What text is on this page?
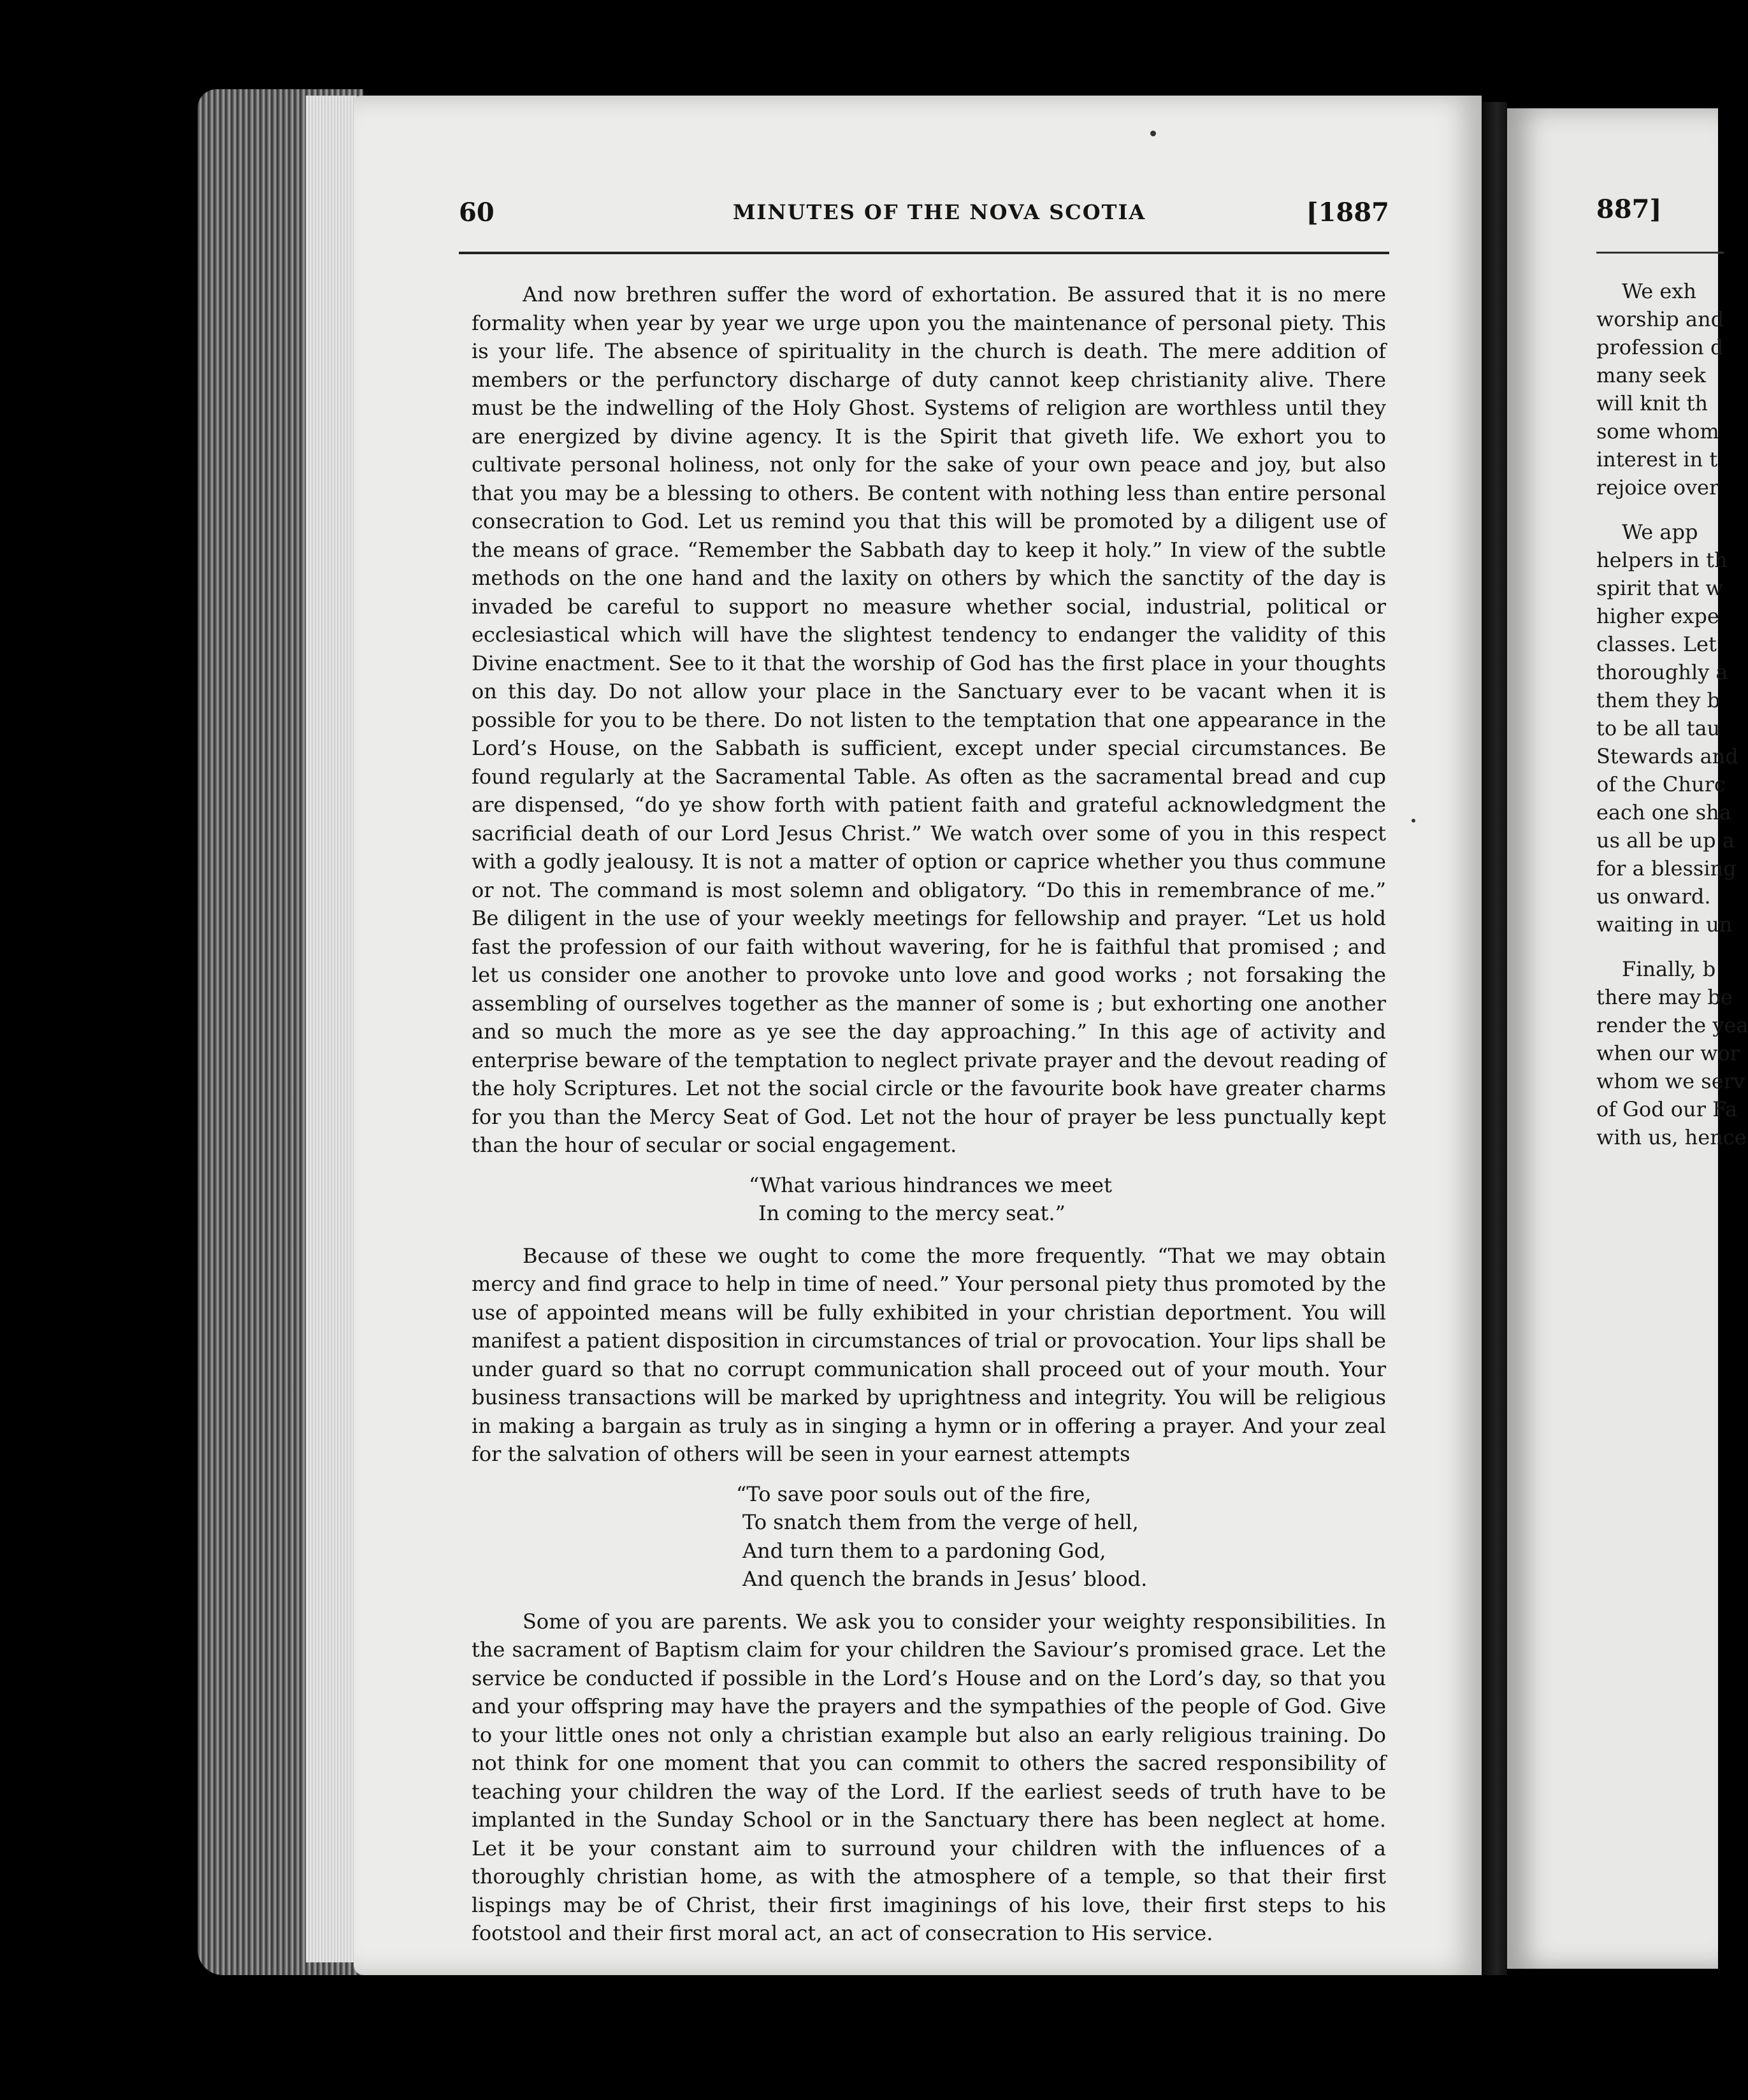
60	MINUTES OF THE NOVA SCOTIA	[1887

And now brethren suffer the word of exhortation. Be assured that it is no mere formality when year by year we urge upon you the maintenance of personal piety. This is your life. The absence of spirituality in the church is death. The mere addition of members or the perfunctory discharge of duty cannot keep christianity alive. There must be the indwelling of the Holy Ghost. Systems of religion are worthless until they are energized by divine agency. It is the Spirit that giveth life. We exhort you to cultivate personal holiness, not only for the sake of your own peace and joy, but also that you may be a blessing to others. Be content with nothing less than entire personal consecration to God. Let us remind you that this will be promoted by a diligent use of the means of grace. “Remember the Sabbath day to keep it holy.” In view of the subtle methods on the one hand and the laxity on others by which the sanctity of the day is invaded be careful to support no measure whether social, industrial, political or ecclesiastical which will have the slightest tendency to endanger the validity of this Divine enactment. See to it that the worship of God has the first place in your thoughts on this day. Do not allow your place in the Sanctuary ever to be vacant when it is possible for you to be there. Do not listen to the temptation that one appearance in the Lord’s House, on the Sabbath is sufficient, except under special circumstances. Be found regularly at the Sacramental Table. As often as the sacramental bread and cup are dispensed, “do ye show forth with patient faith and grateful acknowledgment the sacrificial death of our Lord Jesus Christ.” We watch over some of you in this respect with a godly jealousy. It is not a matter of option or caprice whether you thus commune or not. The command is most solemn and obligatory. “Do this in remembrance of me.” Be diligent in the use of your weekly meetings for fellowship and prayer. “Let us hold fast the profession of our faith without wavering, for he is faithful that promised ; and let us consider one another to provoke unto love and good works ; not forsaking the assembling of ourselves together as the manner of some is ; but exhorting one another and so much the more as ye see the day approaching.” In this age of activity and enterprise beware of the temptation to neglect private prayer and the devout reading of the holy Scriptures. Let not the social circle or the favourite book have greater charms for you than the Mercy Seat of God. Let not the hour of prayer be less punctually kept than the hour of secular or social engagement.

“What various hindrances we meet
In coming to the mercy seat.”

Because of these we ought to come the more frequently. “That we may obtain mercy and find grace to help in time of need.” Your personal piety thus promoted by the use of appointed means will be fully exhibited in your christian deportment. You will manifest a patient disposition in circumstances of trial or provocation. Your lips shall be under guard so that no corrupt communication shall proceed out of your mouth. Your business transactions will be marked by uprightness and integrity. You will be religious in making a bargain as truly as in singing a hymn or in offering a prayer. And your zeal for the salvation of others will be seen in your earnest attempts

“To save poor souls out of the fire,
To snatch them from the verge of hell,
And turn them to a pardoning God,
And quench the brands in Jesus’ blood.

Some of you are parents. We ask you to consider your weighty responsibilities. In the sacrament of Baptism claim for your children the Saviour’s promised grace. Let the service be conducted if possible in the Lord’s House and on the Lord’s day, so that you and your offspring may have the prayers and the sympathies of the people of God. Give to your little ones not only a christian example but also an early religious training. Do not think for one moment that you can commit to others the sacred responsibility of teaching your children the way of the Lord. If the earliest seeds of truth have to be implanted in the Sunday School or in the Sanctuary there has been neglect at home. Let it be your constant aim to surround your children with the influences of a thoroughly christian home, as with the atmosphere of a temple, so that their first lispings may be of Christ, their first imaginings of his love, their first steps to his footstool and their first moral act, an act of consecration to His service.

887]
We exh
worship and
profession d
many seek
will knit th
some whom
interest in t
rejoice over
We app
helpers in th
spirit that w
higher expe
classes. Let
thoroughly a
them they b
to be all tau
Stewards and
of the Churc
each one sha
us all be up a
for a blessing
us onward.
waiting in un
Finally, b
there may be
render the yea
when our wor
whom we serv
of God our Fa
with us, hence
